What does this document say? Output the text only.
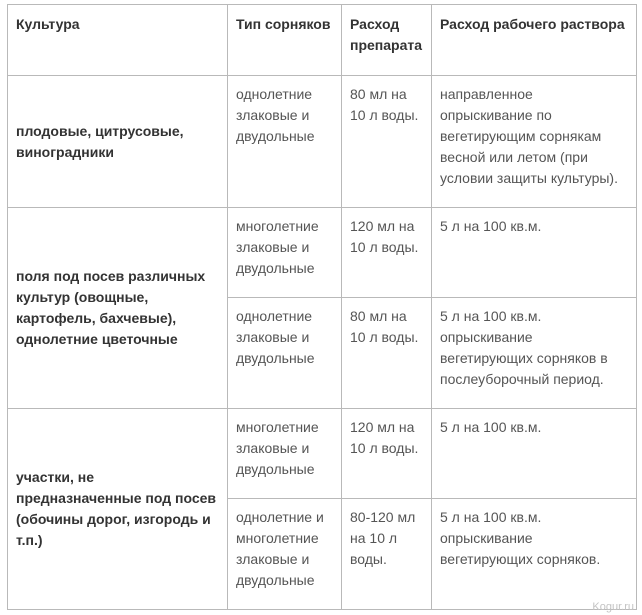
Культура	Тип сорняков	Расход препарата	Расход рабочего раствора
плодовые, цитрусовые, виноградники	однолетние злаковые и двудольные	80 мл на 10 л воды.	направленное опрыскивание по вегетирующим сорнякам весной или летом (при условии защиты культуры).
поля под посев различных культур (овощные, картофель, бахчевые), однолетние цветочные	многолетние злаковые и двудольные	120 мл на 10 л воды.	5 л на 100 кв.м.
	однолетние злаковые и двудольные	80 мл на 10 л воды.	5 л на 100 кв.м. опрыскивание вегетирующих сорняков в послеуборочный период.
участки, не предназначенные под посев (обочины дорог, изгородь и т.п.)	многолетние злаковые и двудольные	120 мл на 10 л воды.	5 л на 100 кв.м.
	однолетние и многолетние злаковые и двудольные	80-120 мл на 10 л воды.	5 л на 100 кв.м. опрыскивание вегетирующих сорняков.
Kogur.ru
